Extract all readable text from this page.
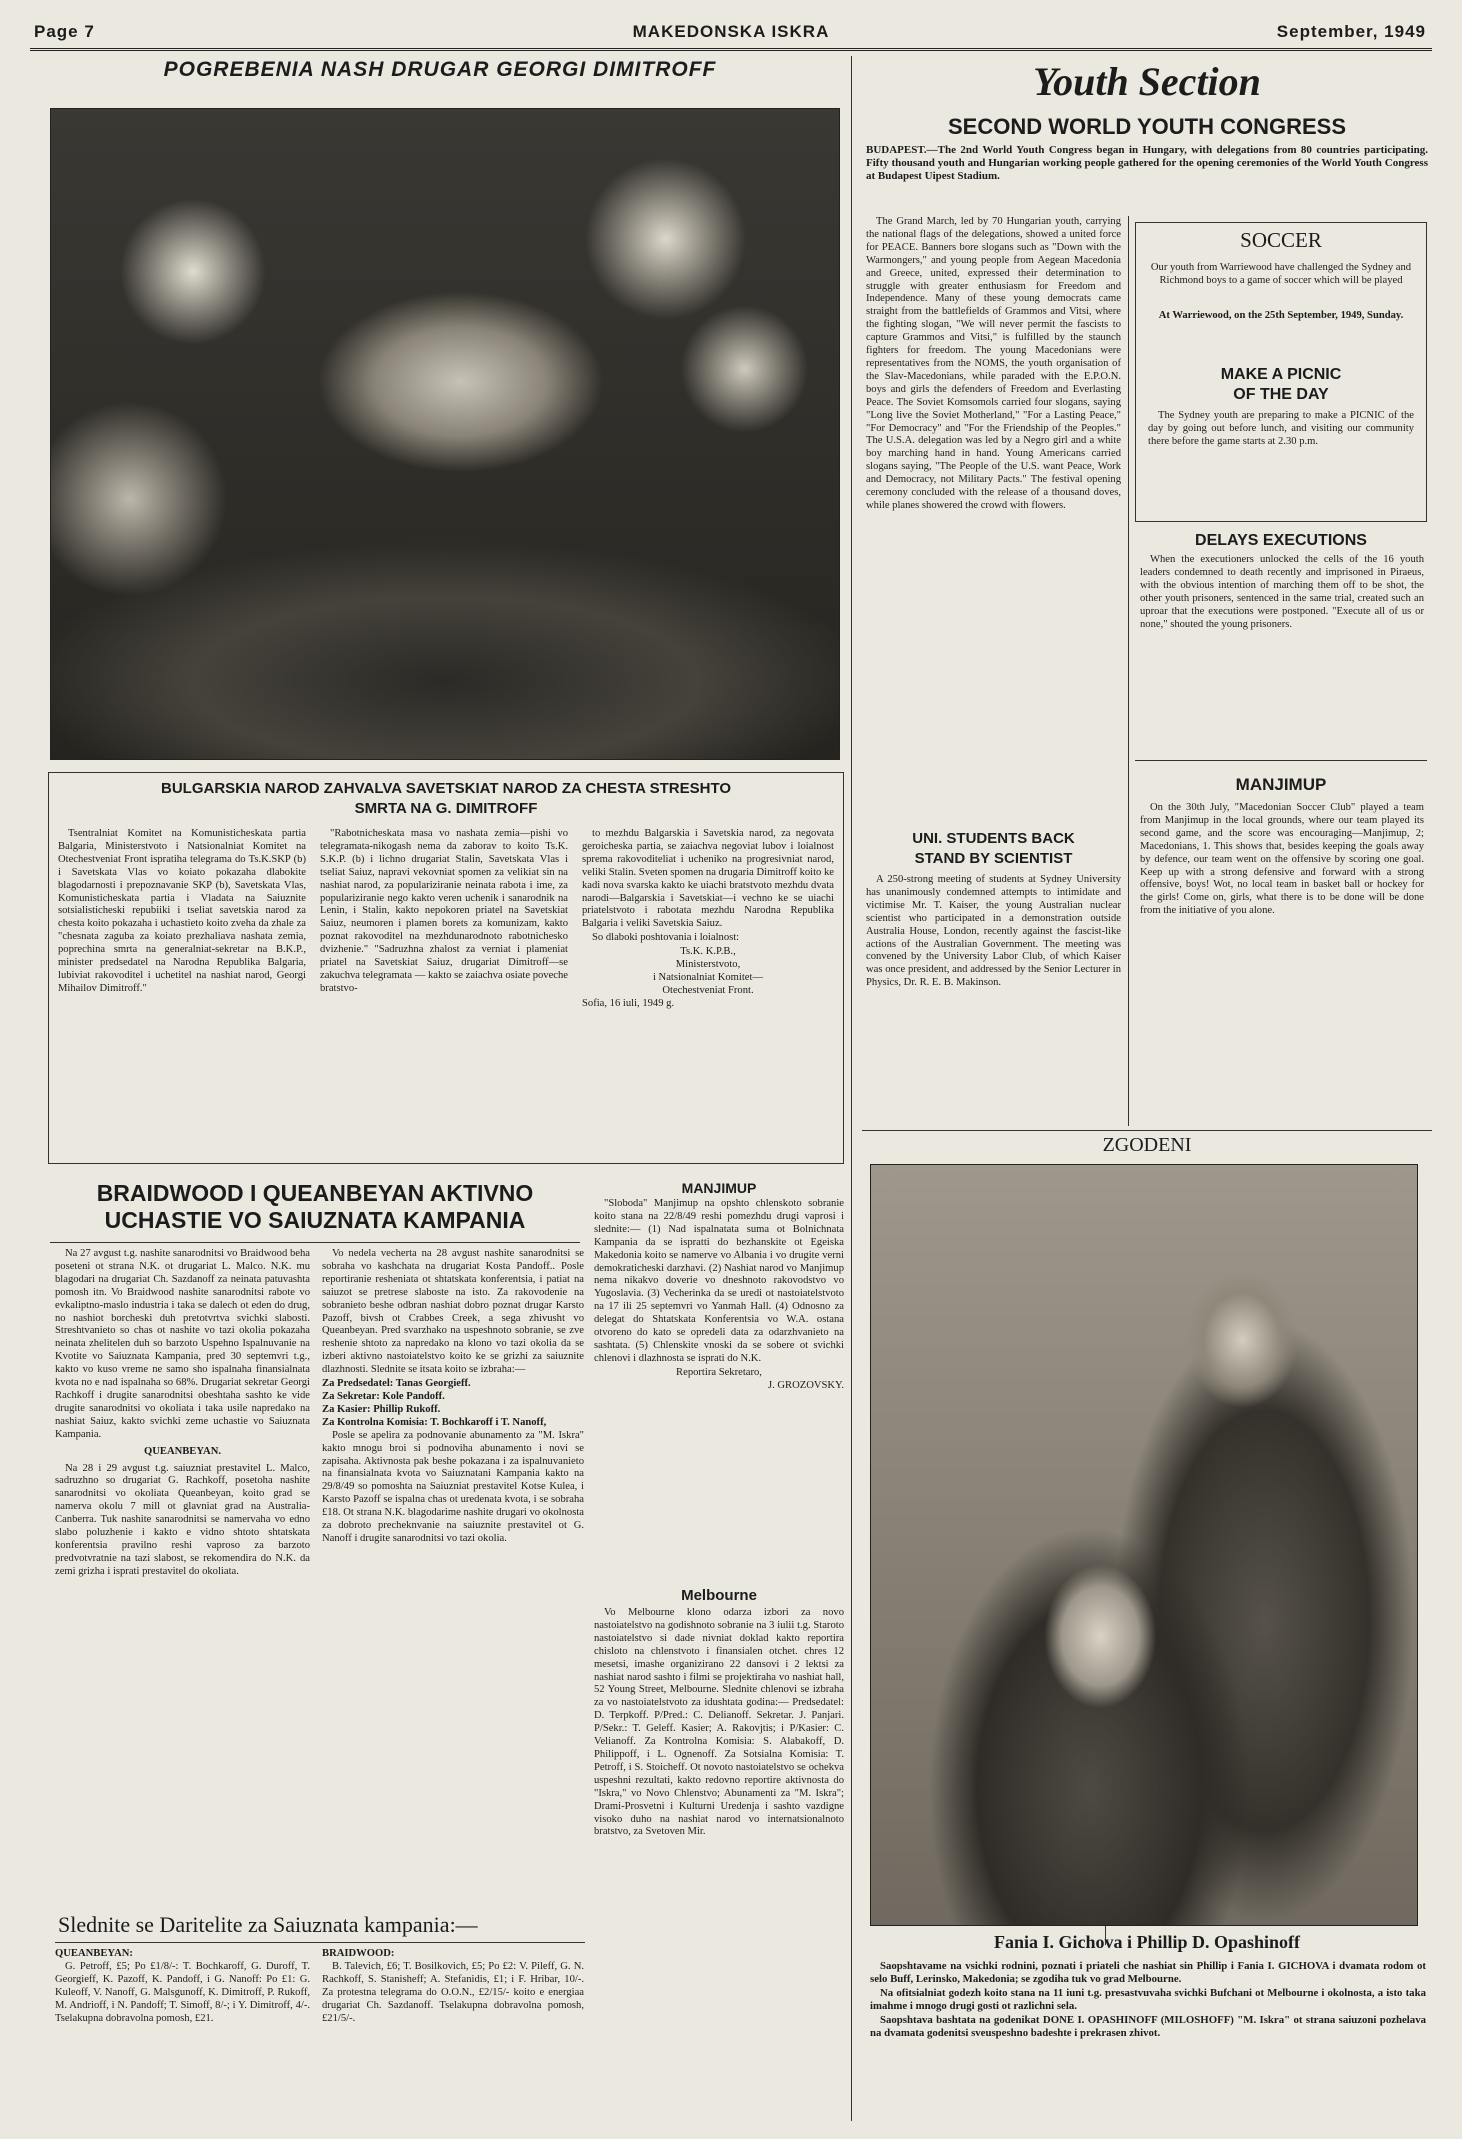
Page 7	MAKEDONSKA ISKRA	September, 1949
POGREBENIA NASH DRUGAR GEORGI DIMITROFF
BULGARSKIA NAROD ZAHVALVA SAVETSKIAT NAROD ZA CHESTA STRESHTO
SMRTA NA G. DIMITROFF

Tsentralniat Komitet na Komunisticheskata partia Balgaria, Ministerstvoto i Natsionalniat Komitet na Otechestveniat Front ispratiha telegrama do Ts.K.SKP (b) i Savetskata Vlas vo koiato pokazaha dlabokite blagodarnosti i prepoznavanie SKP (b), Savetskata Vlas, Komunisticheskata partia i Vladata na Saiuznite sotsialisticheski repubiiki i tseliat savetskia narod za chesta koito pokazaha i uchastieto koito zveha da zhale za "chesnata zaguba za koiato prezhaliava nashata zemia, poprechina smrta na generalniat-sekretar na B.K.P., minister predsedatel na Narodna Republika Balgaria, lubiviat rakovoditel i uchetitel na nashiat narod, Georgi Mihailov Dimitroff."

"Rabotnicheskata masa vo nashata zemia—pishi vo telegramata-nikogash nema da zaborav to koito Ts.K. S.K.P. (b) i lichno drugariat Stalin, Savetskata Vlas i tseliat Saiuz, napravi vekovniat spomen za velikiat sin na nashiat narod, za populariziranie neinata rabota i ime, za populariziranie nego kakto veren uchenik i sanarodnik na Lenin, i Stalin, kakto nepokoren priatel na Savetskiat Saiuz, neumoren i plamen borets za komunizam, kakto poznat rakovoditel na mezhdunarodnoto rabotnichesko dvizhenie." "Sadruzhna zhalost za verniat i plameniat priatel na Savetskiat Saiuz, drugariat Dimitroff—se zakuchva telegramata — kakto se zaiachva osiate povechе bratstvo-

to mezhdu Balgarskia i Savetskia narod, za negovata geroicheska partia, se zaiachva negoviat lubov i loialnost sprema rakovoditeliat i ucheniko na progresivniat narod, veliki Stalin. Sveten spomen na drugaria Dimitroff koito ke kadi nova svarska kakto ke uiachi bratstvoto mezhdu dvata narodi—Balgarskia i Savetskiat—i vechno ke se uiachi priatelstvoto i rabotata mezhdu Narodna Republika Balgaria i veliki Savetskia Saiuz.

So dlaboki poshtovania i loialnost:

Ts.K. K.P.B.,
Ministerstvoto,
i Natsionalniat Komitet—
Otechestveniat Front.
Sofia, 16 iuli, 1949 g.
BRAIDWOOD I QUEANBEYAN AKTIVNO
UCHASTIE VO SAIUZNATA KAMPANIA

Na 27 avgust t.g. nashite sanarodnitsi vo Braidwood beha poseteni ot strana N.K. ot drugariat L. Malco. N.K. mu blagodari na drugariat Ch. Sazdanoff za neinata patuvashta pomosh itn. Vo Braidwood nashite sanarodnitsi rabote vo evkaliptno-maslo industria i taka se dalech ot eden do drug, no nashiot borcheski duh pretotvrtva svichki slabosti. Streshtvanieto so chas ot nashite vo tazi okolia pokazaha neinata zhelitelen duh so barzoto Uspehno Ispalnuvanie na Kvotite vo Saiuznata Kampania, pred 30 septemvri t.g., kakto vo kuso vreme ne samo sho ispalnaha finansialnata kvota no e nad ispalnaha so 68%. Drugariat sekretar Georgi Rachkoff i drugite sanarodnitsi obeshtaha sashto ke vide drugite sanarodnitsi vo okoliata i taka usile napredako na nashiat Saiuz, kakto svichki zeme uchastie vo Saiuznata Kampania.

QUEANBEYAN.

Na 28 i 29 avgust t.g. saiuzniat prestavitel L. Malco, sadruzhno so drugariat G. Rachkoff, posetoha nashite sanarodnitsi vo okoliata Queanbeyan, koito grad se namerva okolu 7 mill ot glavniat grad na Australia-Canberra. Tuk nashite sanarodnitsi se namervaha vo edno slabo poluzhenie i kakto e vidno shtoto shtatskata konferentsia pravilno reshi vaprosо za barzoto predvotvratnie na tazi slabost, se rekomendira do N.K. da zemi grizha i isprati prestavitel do okoliata.

Vo nedela vecherta na 28 avgust nashite sanarodnitsi se sobraha vo kashchata na drugariat Kosta Pandoff.. Posle reportiranie resheniata ot shtatskata konferentsia, i patiat na saiuzot se pretrese slaboste na isto. Za rakovodenie na sobranieto beshe odbran nashiat dobro poznat drugar Karsto Pazoff, bivsh ot Crabbes Creek, a sega zhivusht vo Queanbeyan. Pred svarzhako na uspeshnoto sobranie, se zve reshenie shtoto za napredako na klono vo tazi okolia da se izberi aktivno nastoiatelstvo koito ke se grizhi za saiuznite dlazhnosti. Slednite se itsata koito se izbraha:—

Za Predsedatel: Tanas Georgieff.
Za Sekretar: Kole Pandoff.
Za Kasier: Phillip Rukoff.
Za Kontrolna Komisia: T. Bochkaroff i T. Nanoff,

Posle se apelira za podnovanie abunamento za "M. Iskra" kakto mnogu broi si podnoviha abunamento i novi se zapisaha. Aktivnosta pak beshe pokazana i za ispalnuvanieto na finansialnata kvota vo Saiuznatani Kampania kakto na 29/8/49 so pomoshta na Saiuzniat prestavitel Kotse Kulea, i Karsto Pazoff se ispalna chas ot uredenata kvota, i se sobraha £18. Ot strana N.K. blagodarime nashite drugari vo okolnosta za dobroto precheknvanie na saiuznite prestavitel ot G. Nanoff i drugite sanarodnitsi vo tazi okolia.

MANJIMUP

"Sloboda" Manjimup na opshto chlenskoto sobranie koito stana na 22/8/49 reshi pomezhdu drugi vaprosi i slednite:— (1) Nad ispalnatata suma ot Bolnichnata Kampania da se ispratti do bezhanskite ot Egeiska Makedonia koito se namerve vo Albania i vo drugite verni demokraticheski darzhavi. (2) Nashiat narod vo Manjimup nema nikakvo doverie vo dneshnoto rakovodstvo vo Yugoslavia. (3) Vecherinka da se uredi ot nastoiatelstvoto na 17 ili 25 septemvri vo Yanmah Hall. (4) Odnosno za delegat do Shtatskata Konferentsia vo W.A. ostana otvoreno do kato se opredeli data za odarzhvanieto na sashtata. (5) Chlenskite vnoski da se sobere ot svichki chlenovi i dlazhnosta se isprati do N.K.

Reportira Sekretaro,
J. GROZOVSKY.
Melbourne

Vo Melbourne klono odarza izbori za novo nastoiatelstvo na godishnoto sobranie na 3 iulii t.g. Staroto nastoiatelstvo si dade nivniat doklad kakto reportira chisloto na chlenstvoto i finansialen otchet. chres 12 mesetsi, imashe organizirano 22 dansovi i 2 lektsi za nashiat narod sashto i filmi se projektiraha vo nashiat hall, 52 Young Street, Melbourne. Slednite chlenovi se izbraha za vo nastoiatelstvoto za idushtata godina:— Predsedatel: D. Terpkoff. P/Pred.: C. Delianoff. Sekretar. J. Panjari. P/Sekr.: T. Geleff. Kasier; A. Rakovjtis; i P/Kasier: C. Velianoff. Za Kontrolna Komisia: S. Alabakoff, D. Philippoff, i L. Ognenoff. Za Sotsialna Komisia: T. Petroff, i S. Stoicheff. Ot novoto nastoiatelstvo se ochekva uspeshni rezultati, kakto redovno reportire aktivnosta do "Iskra," vo Novo Chlenstvo; Abunamenti za "M. Iskra"; Drami-Prosvetni i Kulturni Uredenja i sashto vazdigne visoko duho na nashiat narod vo internatsionalnoto bratstvo, za Svetoven Mir.

Slednite se Daritelite za Saiuznata kampania:—
QUEANBEYAN:

G. Petroff, £5; Po £1/8/-: T. Bochkaroff, G. Duroff, T. Georgieff, K. Pazoff, K. Pandoff, i G. Nanoff: Po £1: G. Kuleoff, V. Nanoff, G. Malsgunoff, K. Dimitroff, P. Rukoff, M. Andrioff, i N. Pandoff; T. Simoff, 8/-; i Y. Dimitroff, 4/-. Tselakupna dobravolna pomosh, £21.

BRAIDWOOD:

B. Talevich, £6; T. Bosilkovich, £5; Po £2: V. Pileff, G. N. Rachkoff, S. Stanisheff; A. Stefanidis, £1; i F. Hribar, 10/-. Za protestna telegrama do O.O.N., £2/15/- koito e energiaa drugariat Ch. Sazdanoff. Tselakupna dobravolna pomosh, £21/5/-.

Youth Section
SECOND WORLD YOUTH CONGRESS
BUDAPEST.—The 2nd World Youth Congress began in Hungary, with delegations from 80 countries participating. Fifty thousand youth and Hungarian working people gathered for the opening ceremonies of the World Youth Congress at Budapest Uipest Stadium.

The Grand March, led by 70 Hungarian youth, carrying the national flags of the delegations, showed a united force for PEACE. Banners bore slogans such as "Down with the Warmongers," and young people from Aegean Macedonia and Greece, united, expressed their determination to struggle with greater enthusiasm for Freedom and Independence. Many of these young democrats came straight from the battlefields of Grammos and Vitsi, where the fighting slogan, "We will never permit the fascists to capture Grammos and Vitsi," is fulfilled by the staunch fighters for freedom. The young Macedonians were representatives from the NOMS, the youth organisation of the Slav-Macedonians, while paraded with the E.P.O.N. boys and girls the defenders of Freedom and Everlasting Peace. The Soviet Komsomols carried four slogans, saying "Long live the Soviet Motherland," "For a Lasting Peace," "For Democracy" and "For the Friendship of the Peoples." The U.S.A. delegation was led by a Negro girl and a white boy marching hand in hand. Young Americans carried slogans saying, "The People of the U.S. want Peace, Work and Democracy, not Military Pacts." The festival opening ceremony concluded with the release of a thousand doves, while planes showered the crowd with flowers.

SOCCER
Our youth from Warriewood have challenged the Sydney and Richmond boys to a game of soccer which will be played
At Warriewood, on the 25th September, 1949, Sunday.
MAKE A PICNIC
OF THE DAY

The Sydney youth are preparing to make a PICNIC of the day by going out before lunch, and visiting our community there before the game starts at 2.30 p.m.

DELAYS EXECUTIONS

When the executioners unlocked the cells of the 16 youth leaders condemned to death recently and imprisoned in Piraeus, with the obvious intention of marching them off to be shot, the other youth prisoners, sentenced in the same trial, created such an uproar that the executions were postponed. "Execute all of us or none," shouted the young prisoners.

MANJIMUP

On the 30th July, "Macedonian Soccer Club" played a team from Manjimup in the local grounds, where our team played its second game, and the score was encouraging—Manjimup, 2; Macedonians, 1. This shows that, besides keeping the goals away by defence, our team went on the offensive by scoring one goal. Keep up with a strong defensive and forward with a strong offensive, boys! Wot, no local team in basket ball or hockey for the girls! Come on, girls, what there is to be done will be done from the initiative of you alone.

UNI. STUDENTS BACK
STAND BY SCIENTIST

A 250-strong meeting of students at Sydney University has unanimously condemned attempts to intimidate and victimise Mr. T. Kaiser, the young Australian nuclear scientist who participated in a demonstration outside Australia House, London, recently against the fascist-like actions of the Australian Government. The meeting was convened by the University Labor Club, of which Kaiser was once president, and addressed by the Senior Lecturer in Physics, Dr. R. E. B. Makinson.

ZGODENI
Fania I. Gichova i Phillip D. Opashinoff

Saopshtavame na vsichki rodnini, poznati i priateli che nashiat sin Phillip i Fania I. GICHOVA i dvamata rodom ot selo Buff, Lerinsko, Makedonia; se zgodiha tuk vo grad Melbourne.

Na ofitsialniat godezh koito stana na 11 iuni t.g. presastvuvaha svichki Bufchani ot Melbourne i okolnosta, a isto taka imahme i mnogo drugi gosti ot razlichni sela.

Saopshtava bashtata na godenikat DONE I. OPASHINOFF (MILOSHOFF) "M. Iskra" ot strana saiuzoni pozhelava na dvamata godenitsi sveuspeshno badeshte i prekrasen zhivot.
